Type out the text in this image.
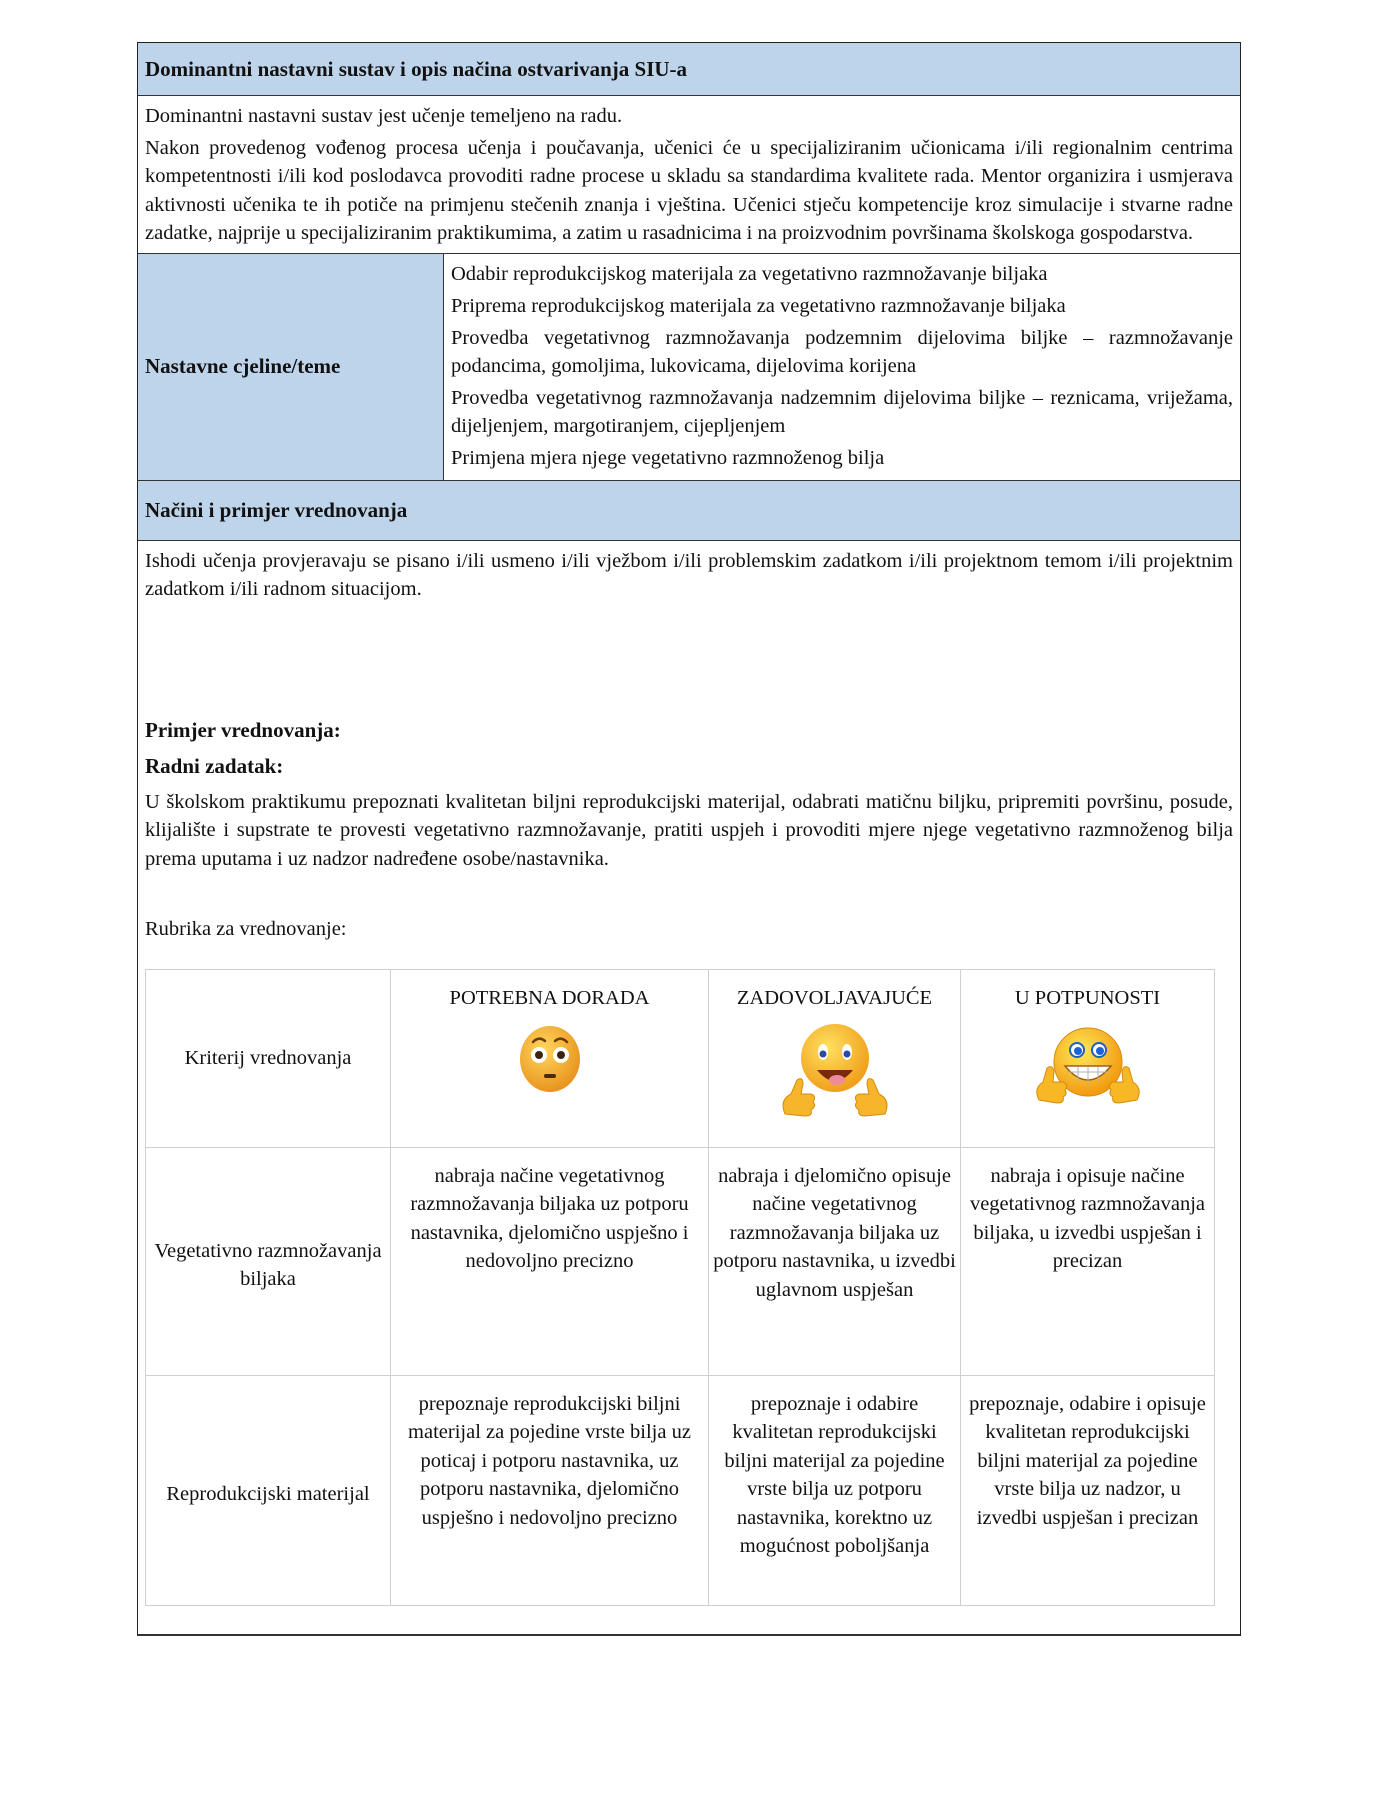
Dominantni nastavni sustav i opis načina ostvarivanja SIU-a

Dominantni nastavni sustav jest učenje temeljeno na radu.

Nakon provedenog vođenog procesa učenja i poučavanja, učenici će u specijaliziranim učionicama i/ili regionalnim centrima kompetentnosti i/ili kod poslodavca provoditi radne procese u skladu sa standardima kvalitete rada. Mentor organizira i usmjerava aktivnosti učenika te ih potiče na primjenu stečenih znanja i vještina. Učenici stječu kompetencije kroz simulacije i stvarne radne zadatke, najprije u specijaliziranim praktikumima, a zatim u rasadnicima i na proizvodnim površinama školskoga gospodarstva.

Nastavne cjeline/teme
Odabir reprodukcijskog materijala za vegetativno razmnožavanje biljaka
Priprema reprodukcijskog materijala za vegetativno razmnožavanje biljaka
Provedba vegetativnog razmnožavanja podzemnim dijelovima biljke – razmnožavanje podancima, gomoljima, lukovicama, dijelovima korijena
Provedba vegetativnog razmnožavanja nadzemnim dijelovima biljke – reznicama, vriježama, dijeljenjem, margotiranjem, cijepljenjem
Primjena mjera njege vegetativno razmnoženog bilja
Načini i primjer vrednovanja

Ishodi učenja provjeravaju se pisano i/ili usmeno i/ili vježbom i/ili problemskim zadatkom i/ili projektnom temom i/ili projektnim zadatkom i/ili radnom situacijom.

Primjer vrednovanja:

Radni zadatak:

U školskom praktikumu prepoznati kvalitetan biljni reprodukcijski materijal, odabrati matičnu biljku, pripremiti površinu, posude, klijalište i supstrate te provesti vegetativno razmnožavanje, pratiti uspjeh i provoditi mjere njege vegetativno razmnoženog bilja prema uputama i uz nadzor nadređene osobe/nastavnika.

Rubrika za vrednovanje:

Kriterij vrednovanja	POTREBNA DORADA	ZADOVOLJAVAJUĆE	U POTPUNOSTI

Vegetativno razmnožavanja biljaka	nabraja načine vegetativnog razmnožavanja biljaka uz potporu nastavnika, djelomično uspješno i nedovoljno precizno	nabraja i djelomično opisuje načine vegetativnog razmnožavanja biljaka uz potporu nastavnika, u izvedbi uglavnom uspješan	nabraja i opisuje načine vegetativnog razmnožavanja biljaka, u izvedbi uspješan i precizan
Reprodukcijski materijal	prepoznaje reprodukcijski biljni materijal za pojedine vrste bilja uz poticaj i potporu nastavnika, uz potporu nastavnika, djelomično uspješno i nedovoljno precizno	prepoznaje i odabire kvalitetan reprodukcijski biljni materijal za pojedine vrste bilja uz potporu nastavnika, korektno uz mogućnost poboljšanja	prepoznaje, odabire i opisuje kvalitetan reprodukcijski biljni materijal za pojedine vrste bilja uz nadzor, u izvedbi uspješan i precizan
